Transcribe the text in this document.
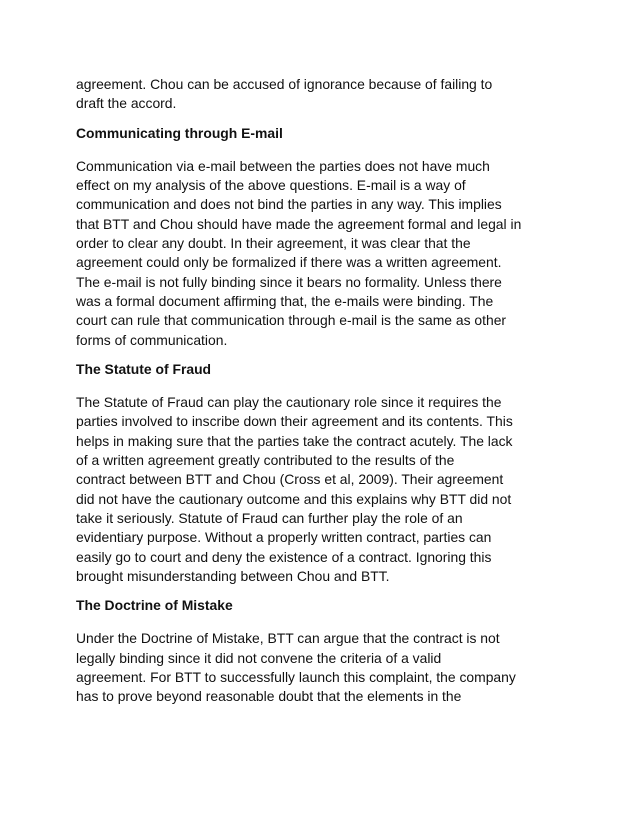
agreement. Chou can be accused of ignorance because of failing to
draft the accord.

Communicating through E-mail

Communication via e-mail between the parties does not have much
effect on my analysis of the above questions. E-mail is a way of
communication and does not bind the parties in any way. This implies
that BTT and Chou should have made the agreement formal and legal in
order to clear any doubt. In their agreement, it was clear that the
agreement could only be formalized if there was a written agreement.
The e-mail is not fully binding since it bears no formality. Unless there
was a formal document affirming that, the e-mails were binding. The
court can rule that communication through e-mail is the same as other
forms of communication.

The Statute of Fraud

The Statute of Fraud can play the cautionary role since it requires the
parties involved to inscribe down their agreement and its contents. This
helps in making sure that the parties take the contract acutely. The lack
of a written agreement greatly contributed to the results of the
contract between BTT and Chou (Cross et al, 2009). Their agreement
did not have the cautionary outcome and this explains why BTT did not
take it seriously. Statute of Fraud can further play the role of an
evidentiary purpose. Without a properly written contract, parties can
easily go to court and deny the existence of a contract. Ignoring this
brought misunderstanding between Chou and BTT.

The Doctrine of Mistake

Under the Doctrine of Mistake, BTT can argue that the contract is not
legally binding since it did not convene the criteria of a valid
agreement. For BTT to successfully launch this complaint, the company
has to prove beyond reasonable doubt that the elements in the
